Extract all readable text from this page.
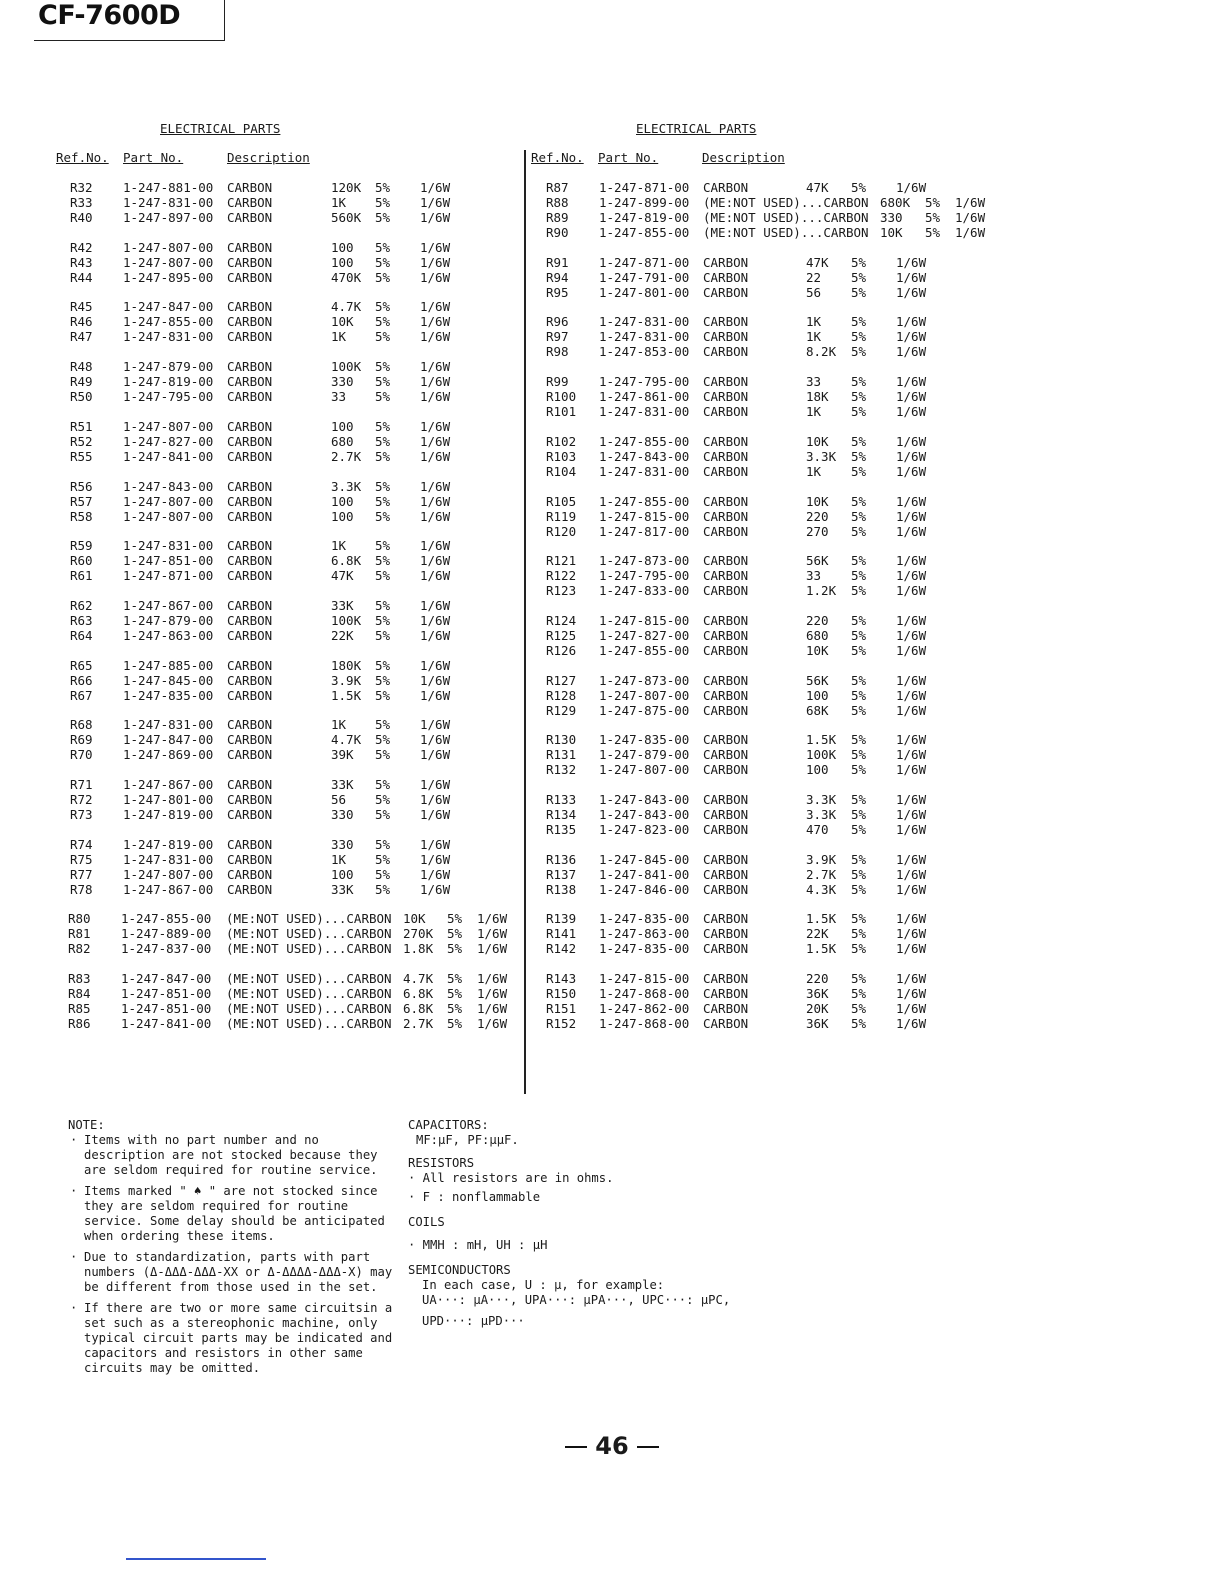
CF-7600D
ELECTRICAL PARTS	ELECTRICAL PARTS
Ref.No. Part No.	Description	Ref.No. Part No.	Description
R32 1-247-881-00 CARBON	120K 5% 1/6W
R33 1-247-831-00 CARBON	1K 5% 1/6W
R40 1-247-897-00 CARBON	560K 5% 1/6W
R42 1-247-807-00 CARBON	100 5% 1/6W
R43 1-247-807-00 CARBON	100 5% 1/6W
R44 1-247-895-00 CARBON	470K 5% 1/6W
R45 1-247-847-00 CARBON	4.7K 5% 1/6W
R46 1-247-855-00 CARBON	10K 5% 1/6W
R47 1-247-831-00 CARBON	1K 5% 1/6W
R48 1-247-879-00 CARBON	100K 5% 1/6W
R49 1-247-819-00 CARBON	330 5% 1/6W
R50 1-247-795-00 CARBON	33 5% 1/6W
R51 1-247-807-00 CARBON	100 5% 1/6W
R52 1-247-827-00 CARBON	680 5% 1/6W
R55 1-247-841-00 CARBON	2.7K 5% 1/6W
R56 1-247-843-00 CARBON	3.3K 5% 1/6W
R57 1-247-807-00 CARBON	100 5% 1/6W
R58 1-247-807-00 CARBON	100 5% 1/6W
R59 1-247-831-00 CARBON	1K 5% 1/6W
R60 1-247-851-00 CARBON	6.8K 5% 1/6W
R61 1-247-871-00 CARBON	47K 5% 1/6W
R62 1-247-867-00 CARBON	33K 5% 1/6W
R63 1-247-879-00 CARBON	100K 5% 1/6W
R64 1-247-863-00 CARBON	22K 5% 1/6W
R65 1-247-885-00 CARBON	180K 5% 1/6W
R66 1-247-845-00 CARBON	3.9K 5% 1/6W
R67 1-247-835-00 CARBON	1.5K 5% 1/6W
R68 1-247-831-00 CARBON	1K 5% 1/6W
R69 1-247-847-00 CARBON	4.7K 5% 1/6W
R70 1-247-869-00 CARBON	39K 5% 1/6W
R71 1-247-867-00 CARBON	33K 5% 1/6W
R72 1-247-801-00 CARBON	56 5% 1/6W
R73 1-247-819-00 CARBON	330 5% 1/6W
R74 1-247-819-00 CARBON	330 5% 1/6W
R75 1-247-831-00 CARBON	1K 5% 1/6W
R77 1-247-807-00 CARBON	100 5% 1/6W
R78 1-247-867-00 CARBON	33K 5% 1/6W
R80 1-247-855-00 (ME:NOT USED)...CARBON 10K 5% 1/6W
R81 1-247-889-00 (ME:NOT USED)...CARBON 270K 5% 1/6W
R82 1-247-837-00 (ME:NOT USED)...CARBON 1.8K 5% 1/6W
R83 1-247-847-00 (ME:NOT USED)...CARBON 4.7K 5% 1/6W
R84 1-247-851-00 (ME:NOT USED)...CARBON 6.8K 5% 1/6W
R85 1-247-851-00 (ME:NOT USED)...CARBON 6.8K 5% 1/6W
R86 1-247-841-00 (ME:NOT USED)...CARBON 2.7K 5% 1/6W
R87 1-247-871-00 CARBON	47K 5% 1/6W
R88 1-247-899-00 (ME:NOT USED)...CARBON 680K 5% 1/6W
R89 1-247-819-00 (ME:NOT USED)...CARBON 330 5% 1/6W
R90 1-247-855-00 (ME:NOT USED)...CARBON 10K 5% 1/6W
R91 1-247-871-00 CARBON	47K 5% 1/6W
R94 1-247-791-00 CARBON	22 5% 1/6W
R95 1-247-801-00 CARBON	56 5% 1/6W
R96 1-247-831-00 CARBON	1K 5% 1/6W
R97 1-247-831-00 CARBON	1K 5% 1/6W
R98 1-247-853-00 CARBON	8.2K 5% 1/6W
R99 1-247-795-00 CARBON	33 5% 1/6W
R100 1-247-861-00 CARBON	18K 5% 1/6W
R101 1-247-831-00 CARBON	1K 5% 1/6W
R102 1-247-855-00 CARBON	10K 5% 1/6W
R103 1-247-843-00 CARBON	3.3K 5% 1/6W
R104 1-247-831-00 CARBON	1K 5% 1/6W
R105 1-247-855-00 CARBON	10K 5% 1/6W
R119 1-247-815-00 CARBON	220 5% 1/6W
R120 1-247-817-00 CARBON	270 5% 1/6W
R121 1-247-873-00 CARBON	56K 5% 1/6W
R122 1-247-795-00 CARBON	33 5% 1/6W
R123 1-247-833-00 CARBON	1.2K 5% 1/6W
R124 1-247-815-00 CARBON	220 5% 1/6W
R125 1-247-827-00 CARBON	680 5% 1/6W
R126 1-247-855-00 CARBON	10K 5% 1/6W
R127 1-247-873-00 CARBON	56K 5% 1/6W
R128 1-247-807-00 CARBON	100 5% 1/6W
R129 1-247-875-00 CARBON	68K 5% 1/6W
R130 1-247-835-00 CARBON	1.5K 5% 1/6W
R131 1-247-879-00 CARBON	100K 5% 1/6W
R132 1-247-807-00 CARBON	100 5% 1/6W
R133 1-247-843-00 CARBON	3.3K 5% 1/6W
R134 1-247-843-00 CARBON	3.3K 5% 1/6W
R135 1-247-823-00 CARBON	470 5% 1/6W
R136 1-247-845-00 CARBON	3.9K 5% 1/6W
R137 1-247-841-00 CARBON	2.7K 5% 1/6W
R138 1-247-846-00 CARBON	4.3K 5% 1/6W
R139 1-247-835-00 CARBON	1.5K 5% 1/6W
R141 1-247-863-00 CARBON	22K 5% 1/6W
R142 1-247-835-00 CARBON	1.5K 5% 1/6W
R143 1-247-815-00 CARBON	220 5% 1/6W
R150 1-247-868-00 CARBON	36K 5% 1/6W
R151 1-247-862-00 CARBON	20K 5% 1/6W
R152 1-247-868-00 CARBON	36K 5% 1/6W
NOTE:
· Items with no part number and no description are not stocked because they are seldom required for routine service.
· Items marked " ♠ " are not stocked since they are seldom required for routine service. Some delay should be anticipated when ordering these items.
· Due to standardization, parts with part numbers (Δ-ΔΔΔ-ΔΔΔ-XX or Δ-ΔΔΔΔ-ΔΔΔ-X) may be different from those used in the set.
· If there are two or more same circuitsin a set such as a stereophonic machine, only typical circuit parts may be indicated and capacitors and resistors in other same circuits may be omitted.
CAPACITORS:
MF:μF, PF:μμF.
RESISTORS
· All resistors are in ohms.
· F : nonflammable
COILS
· MMH : mH, UH : μH
SEMICONDUCTORS
In each case, U : μ, for example:
UA···: μA···, UPA···: μPA···, UPC···: μPC,
UPD···: μPD···
46
